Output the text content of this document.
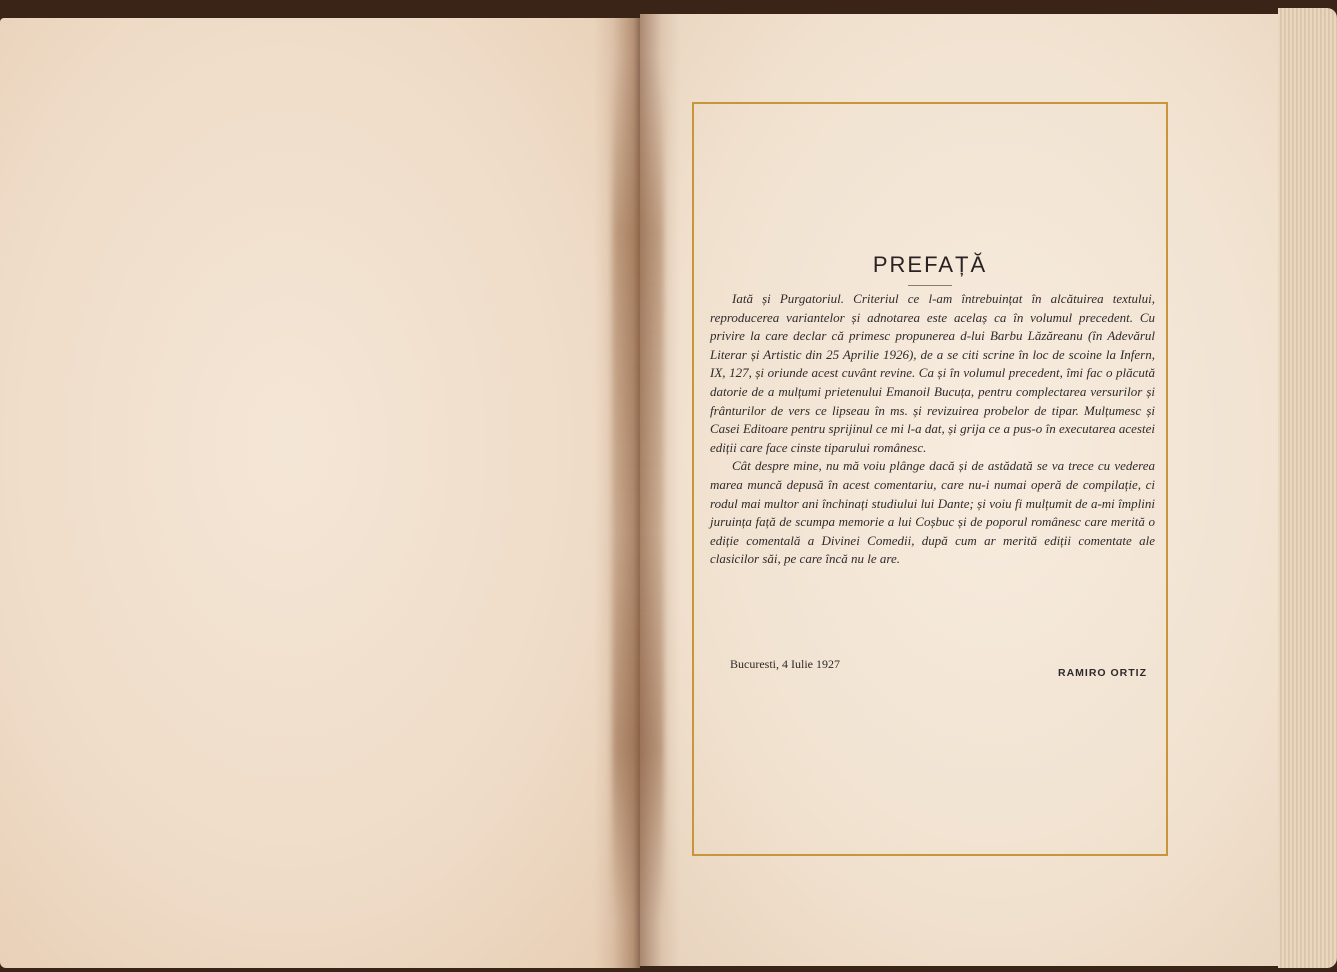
PREFAȚĂ

Iată și Purgatoriul. Criteriul ce l-am întrebuințat în alcătuirea textului, reproducerea variantelor și adnotarea este acelaș ca în volumul precedent. Cu privire la care declar că primesc propunerea d-lui Barbu Lăzăreanu (în Adevărul Literar și Artistic din 25 Aprilie 1926), de a se citi scrine în loc de scoine la Infern, IX, 127, și oriunde acest cuvânt revine. Ca și în volumul precedent, îmi fac o plăcută datorie de a mulțumi prietenului Emanoil Bucuța, pentru complectarea versurilor și frânturilor de vers ce lipseau în ms. și revizuirea probelor de tipar. Mulțumesc și Casei Editoare pentru sprijinul ce mi l-a dat, și grija ce a pus-o în executarea acestei ediții care face cinste tiparului românesc.

Cât despre mine, nu mă voiu plânge dacă și de astădată se va trece cu vederea marea muncă depusă în acest comentariu, care nu-i numai operă de compilație, ci rodul mai multor ani închinați studiului lui Dante; și voiu fi mulțumit de a-mi împlini juruința față de scumpa memorie a lui Coșbuc și de poporul românesc care merită o ediție comentală a Divinei Comedii, după cum ar merită ediții comentate ale clasicilor săi, pe care încă nu le are.

Bucuresti, 4 Iulie 1927
RAMIRO ORTIZ
